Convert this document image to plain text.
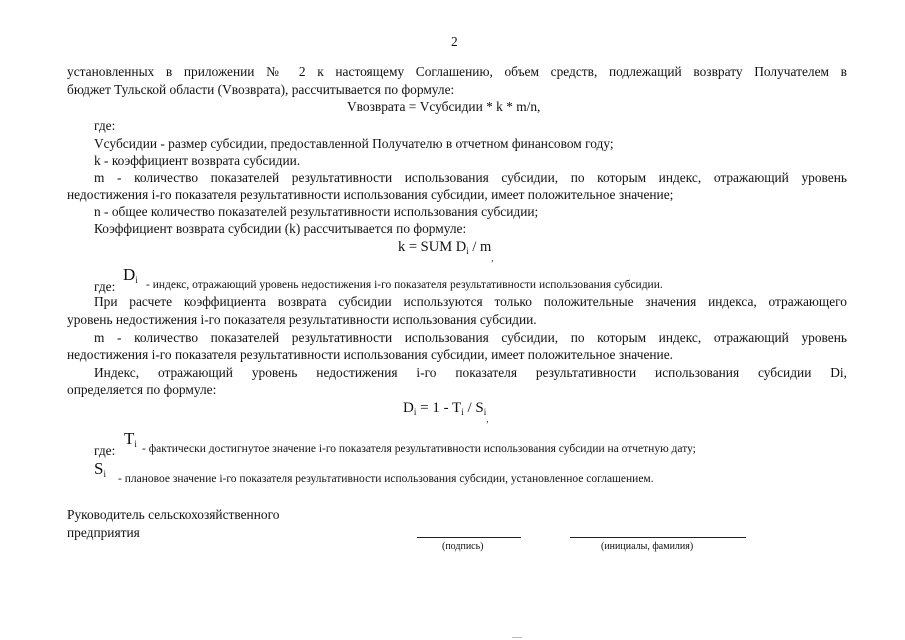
2
установленных в приложении № 2 к настоящему Соглашению, объем средств, подлежащий возврату Получателем в
бюджет Тульской области (Vвозврата), рассчитывается по формуле:
Vвозврата = Vсубсидии * k * m/n,
где:
Vсубсидии - размер субсидии, предоставленной Получателю в отчетном финансовом году;
k - коэффициент возврата субсидии.
m - количество показателей результативности использования субсидии, по которым индекс, отражающий уровень
недостижения i-го показателя результативности использования субсидии, имеет положительное значение;
n - общее количество показателей результативности использования субсидии;
Коэффициент возврата субсидии (k) рассчитывается по формуле:
k = SUM $D_i / m_,$
где:
$D_i$ - индекс, отражающий уровень недостижения i-го показателя результативности использования субсидии.
При расчете коэффициента возврата субсидии используются только положительные значения индекса, отражающего
уровень недостижения i-го показателя результативности использования субсидии.
m - количество показателей результативности использования субсидии, по которым индекс, отражающий уровень
недостижения i-го показателя результативности использования субсидии, имеет положительное значение.
Индекс, отражающий уровень недостижения i-го показателя результативности использования субсидии Di,
определяется по формуле:
$D_i = 1 - T_i / S_{i,}$
где:
$T_i$ - фактически достигнутое значение i-го показателя результативности использования субсидии на отчетную дату;
$S_i$ - плановое значение i-го показателя результативности использования субсидии, установленное соглашением.
Руководитель сельскохозяйственного
предприятия
(подпись)	(инициалы, фамилия)
